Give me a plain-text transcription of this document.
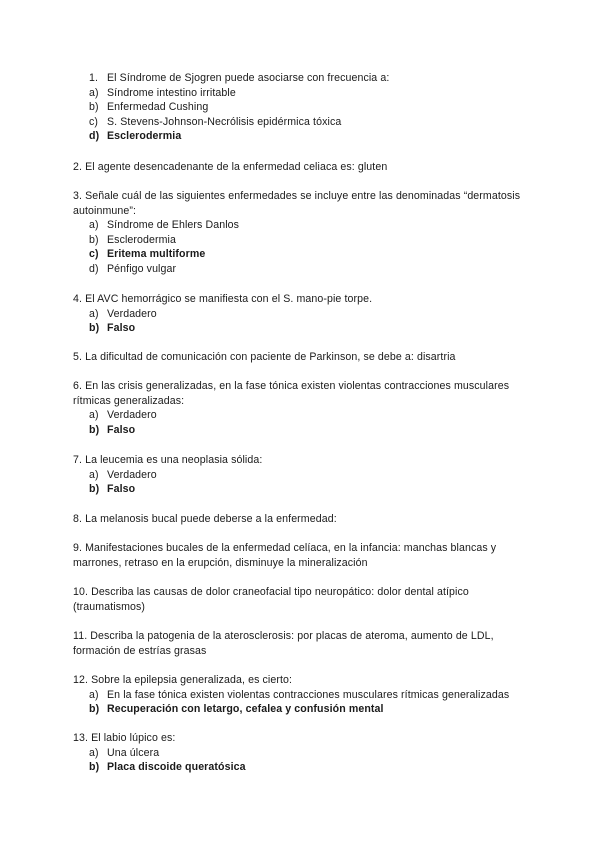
1. El Síndrome de Sjogren puede asociarse con frecuencia a:

a) Síndrome intestino irritable
b) Enfermedad Cushing
c) S. Stevens-Johnson-Necrólisis epidérmica tóxica
d) Esclerodermia

2. El agente desencadenante de la enfermedad celiaca es: gluten

3. Señale cuál de las siguientes enfermedades se incluye entre las denominadas “dermatosis autoinmune”:

a) Síndrome de Ehlers Danlos
b) Esclerodermia
c) Eritema multiforme
d) Pénfigo vulgar

4. El AVC hemorrágico se manifiesta con el S. mano-pie torpe.

a) Verdadero
b) Falso

5. La dificultad de comunicación con paciente de Parkinson, se debe a: disartria

6. En las crisis generalizadas, en la fase tónica existen violentas contracciones musculares rítmicas generalizadas:

a) Verdadero
b) Falso

7. La leucemia es una neoplasia sólida:

a) Verdadero
b) Falso

8. La melanosis bucal puede deberse a la enfermedad:

9. Manifestaciones bucales de la enfermedad celíaca, en la infancia: manchas blancas y marrones, retraso en la erupción, disminuye la mineralización

10. Describa las causas de dolor craneofacial tipo neuropático: dolor dental atípico (traumatismos)

11. Describa la patogenia de la aterosclerosis: por placas de ateroma, aumento de LDL, formación de estrías grasas

12. Sobre la epilepsia generalizada, es cierto:

a) En la fase tónica existen violentas contracciones musculares rítmicas generalizadas
b) Recuperación con letargo, cefalea y confusión mental

13. El labio lúpico es:

a) Una úlcera
b) Placa discoide queratósica
